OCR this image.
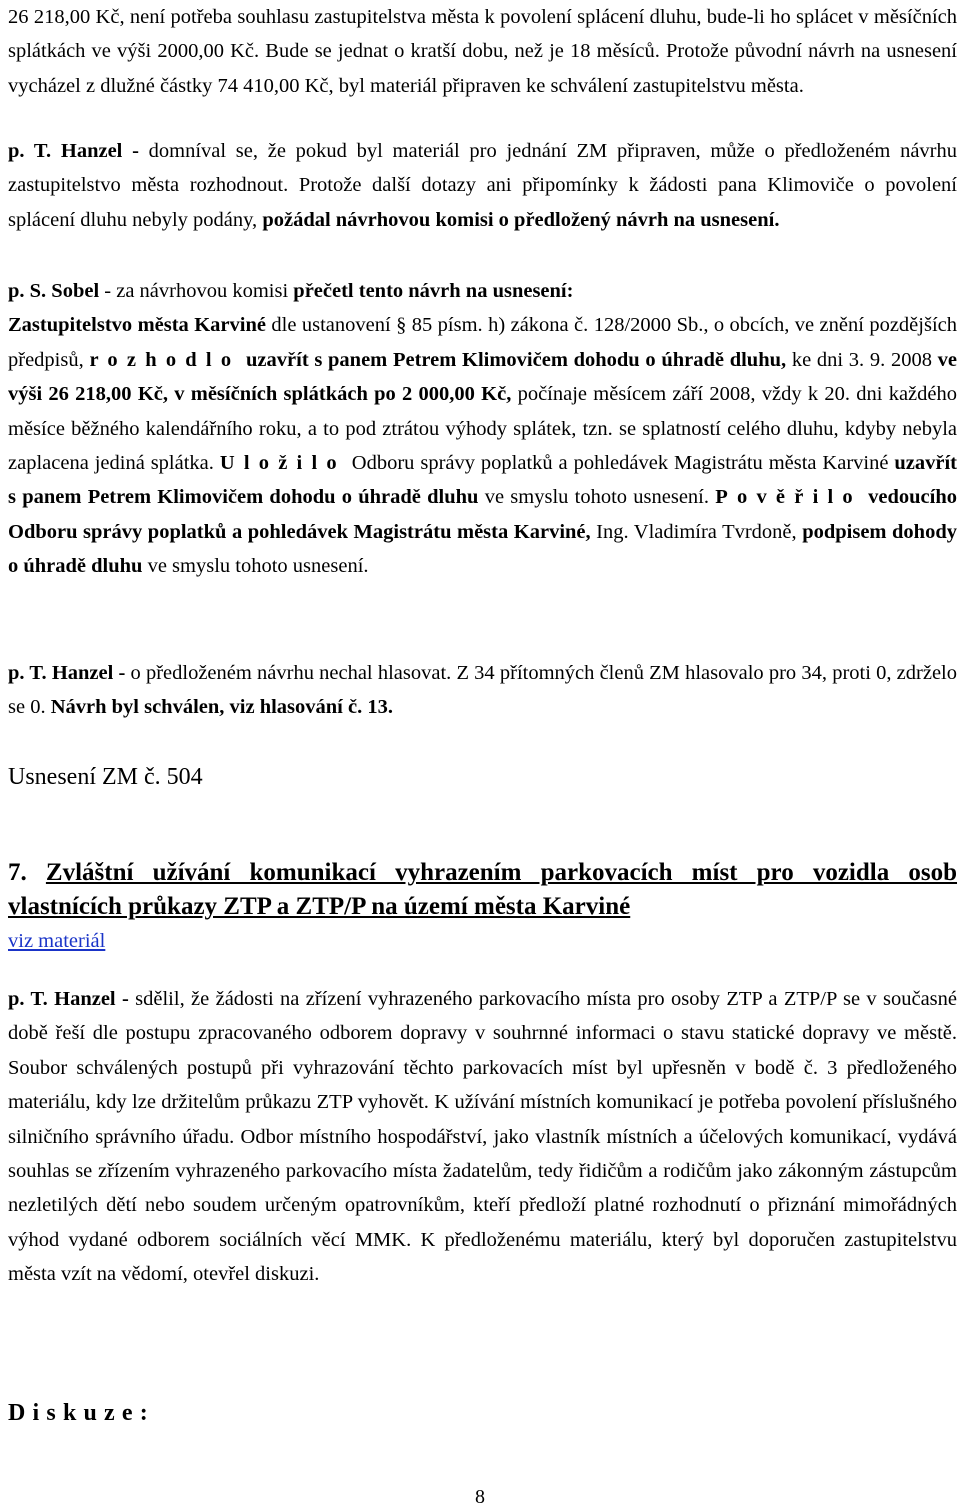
26 218,00 Kč, není potřeba souhlasu zastupitelstva města k povolení splácení dluhu, bude-li ho splácet v měsíčních splátkách ve výši 2000,00 Kč. Bude se jednat o kratší dobu, než je 18 měsíců. Protože původní návrh na usnesení vycházel z dlužné částky 74 410,00 Kč, byl materiál připraven ke schválení zastupitelstvu města.

p. T. Hanzel - domníval se, že pokud byl materiál pro jednání ZM připraven, může o předloženém návrhu zastupitelstvo města rozhodnout. Protože další dotazy ani připomínky k žádosti pana Klimoviče o povolení splácení dluhu nebyly podány, požádal návrhovou komisi o předložený návrh na usnesení.

p. S. Sobel - za návrhovou komisi přečetl tento návrh na usnesení:
Zastupitelstvo města Karviné dle ustanovení § 85 písm. h) zákona č. 128/2000 Sb., o obcích, ve znění pozdějších předpisů, rozhodlo uzavřít s panem Petrem Klimovičem dohodu o úhradě dluhu, ke dni 3. 9. 2008 ve výši 26 218,00 Kč, v měsíčních splátkách po 2 000,00 Kč, počínaje měsícem září 2008, vždy k 20. dni každého měsíce běžného kalendářního roku, a to pod ztrátou výhody splátek, tzn. se splatností celého dluhu, kdyby nebyla zaplacena jediná splátka. Uložilo Odboru správy poplatků a pohledávek Magistrátu města Karviné uzavřít s panem Petrem Klimovičem dohodu o úhradě dluhu ve smyslu tohoto usnesení. Pověřilo vedoucího Odboru správy poplatků a pohledávek Magistrátu města Karviné, Ing. Vladimíra Tvrdoně, podpisem dohody o úhradě dluhu ve smyslu tohoto usnesení.

p. T. Hanzel - o předloženém návrhu nechal hlasovat. Z 34 přítomných členů ZM hlasovalo pro 34, proti 0, zdrželo se 0. Návrh byl schválen, viz hlasování č. 13.

Usnesení ZM č. 504

7. Zvláštní užívání komunikací vyhrazením parkovacích míst pro vozidla osob vlastnících průkazy ZTP a ZTP/P na území města Karviné

viz materiál

p. T. Hanzel - sdělil, že žádosti na zřízení vyhrazeného parkovacího místa pro osoby ZTP a ZTP/P se v současné době řeší dle postupu zpracovaného odborem dopravy v souhrnné informaci o stavu statické dopravy ve městě. Soubor schválených postupů při vyhrazování těchto parkovacích míst byl upřesněn v bodě č. 3 předloženého materiálu, kdy lze držitelům průkazu ZTP vyhovět. K užívání místních komunikací je potřeba povolení příslušného silničního správního úřadu. Odbor místního hospodářství, jako vlastník místních a účelových komunikací, vydává souhlas se zřízením vyhrazeného parkovacího místa žadatelům, tedy řidičům a rodičům jako zákonným zástupcům nezletilých dětí nebo soudem určeným opatrovníkům, kteří předloží platné rozhodnutí o přiznání mimořádných výhod vydané odborem sociálních věcí MMK. K předloženému materiálu, který byl doporučen zastupitelstvu města vzít na vědomí, otevřel diskuzi.

Diskuze:

8
